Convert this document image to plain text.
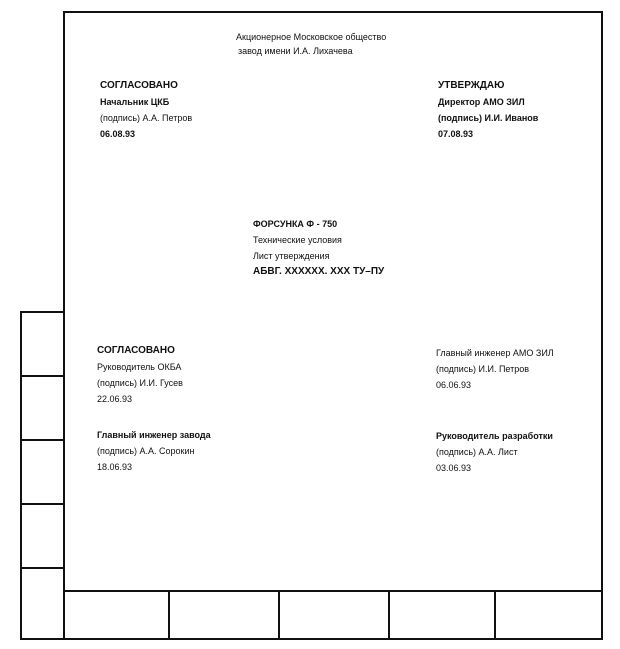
Акционерное Московское общество
завод имени И.А. Лихачева
СОГЛАСОВАНО
Начальник ЦКБ
(подпись) А.А. Петров
06.08.93
УТВЕРЖДАЮ
Директор АМО ЗИЛ
(подпись) И.И. Иванов
07.08.93
ФОРСУНКА Ф - 750
Технические условия
Лист утверждения
АБВГ. XXXXXX. XXX ТУ–ПУ
СОГЛАСОВАНО
Руководитель ОКБА
(подпись) И.И. Гусев
22.06.93
Главный инженер АМО ЗИЛ
(подпись) И.И. Петров
06.06.93
Главный инженер завода
(подпись) А.А. Сорокин
18.06.93
Руководитель разработки
(подпись) А.А. Лист
03.06.93
